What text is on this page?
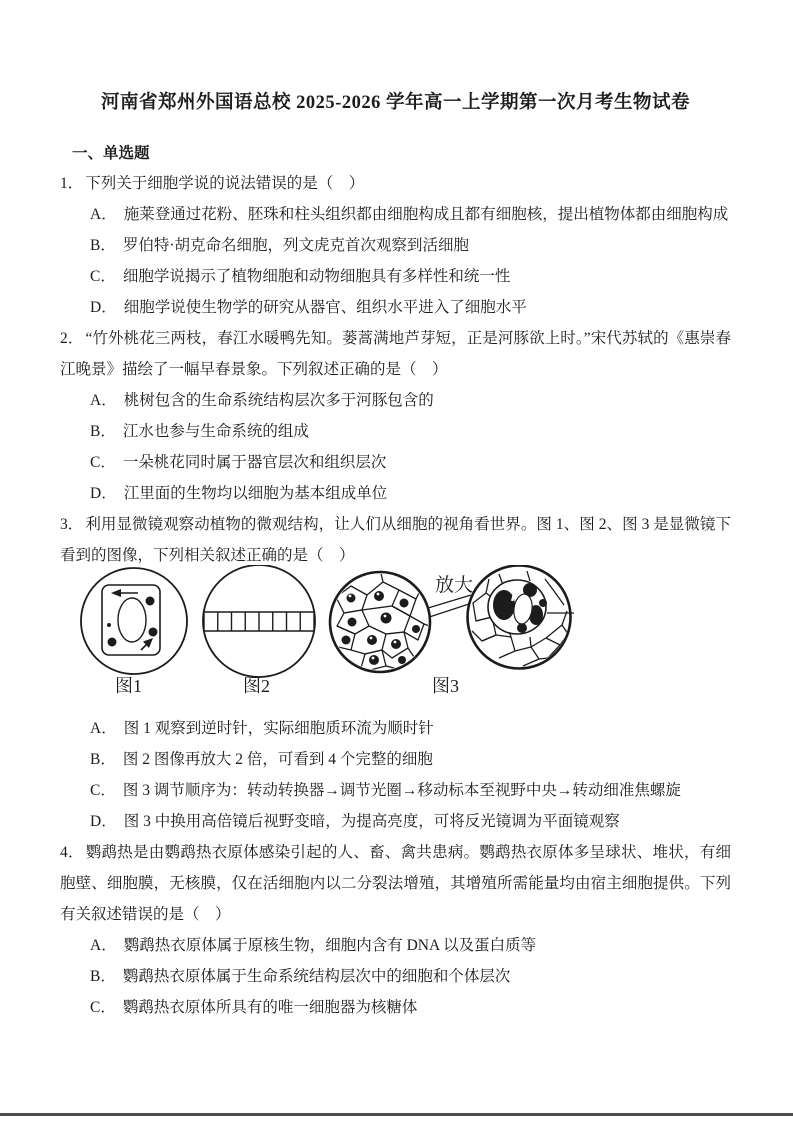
河南省郑州外国语总校 2025-2026 学年高一上学期第一次月考生物试卷
一、单选题

1． 下列关于细胞学说的说法错误的是（　）

A． 施莱登通过花粉、胚珠和柱头组织都由细胞构成且都有细胞核，提出植物体都由细胞构成

B． 罗伯特·胡克命名细胞，列文虎克首次观察到活细胞

C． 细胞学说揭示了植物细胞和动物细胞具有多样性和统一性

D． 细胞学说使生物学的研究从器官、组织水平进入了细胞水平

2． “竹外桃花三两枝，春江水暖鸭先知。蒌蒿满地芦芽短，正是河豚欲上时。”宋代苏轼的《惠崇春江晚景》描绘了一幅早春景象。下列叙述正确的是（　）

A． 桃树包含的生命系统结构层次多于河豚包含的

B． 江水也参与生命系统的组成

C． 一朵桃花同时属于器官层次和组织层次

D． 江里面的生物均以细胞为基本组成单位

3． 利用显微镜观察动植物的微观结构，让人们从细胞的视角看世界。图 1、图 2、图 3 是显微镜下看到的图像，下列相关叙述正确的是（　）

放大
图1	图2	图3

A． 图 1 观察到逆时针，实际细胞质环流为顺时针

B． 图 2 图像再放大 2 倍，可看到 4 个完整的细胞

C． 图 3 调节顺序为：转动转换器→调节光圈→移动标本至视野中央→转动细准焦螺旋

D． 图 3 中换用高倍镜后视野变暗，为提高亮度，可将反光镜调为平面镜观察

4． 鹦鹉热是由鹦鹉热衣原体感染引起的人、畜、禽共患病。鹦鹉热衣原体多呈球状、堆状，有细胞壁、细胞膜，无核膜，仅在活细胞内以二分裂法增殖，其增殖所需能量均由宿主细胞提供。下列有关叙述错误的是（　）

A． 鹦鹉热衣原体属于原核生物，细胞内含有 DNA 以及蛋白质等

B． 鹦鹉热衣原体属于生命系统结构层次中的细胞和个体层次

C． 鹦鹉热衣原体所具有的唯一细胞器为核糖体
